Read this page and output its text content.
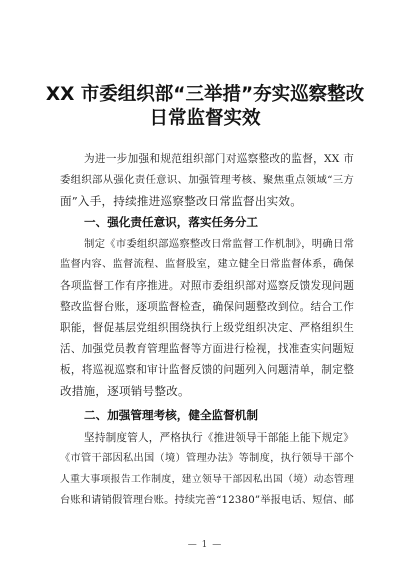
XX 市委组织部“三举措”夯实巡察整改
日常监督实效

为进一步加强和规范组织部门对巡察整改的监督，XX 市

委组织部从强化责任意识、加强管理考核、聚焦重点领域“三方

面”入手，持续推进巡察整改日常监督出实效。

一、强化责任意识，落实任务分工

制定《市委组织部巡察整改日常监督工作机制》，明确日常

监督内容、监督流程、监督股室，建立健全日常监督体系，确保

各项监督工作有序推进。对照市委组织部对巡察反馈发现问题

整改监督台账，逐项监督检查，确保问题整改到位。结合工作

职能，督促基层党组织围绕执行上级党组织决定、严格组织生

活、加强党员教育管理监督等方面进行检视，找准查实问题短

板，将巡视巡察和审计监督反馈的问题列入问题清单，制定整

改措施，逐项销号整改。

二、加强管理考核，健全监督机制

坚持制度管人，严格执行《推进领导干部能上能下规定》

《市管干部因私出国（境）管理办法》等制度，执行领导干部个

人重大事项报告工作制度，建立领导干部因私出国（境）动态管理

台账和请销假管理台账。持续完善“12380”举报电话、短信、邮

— 1 —
